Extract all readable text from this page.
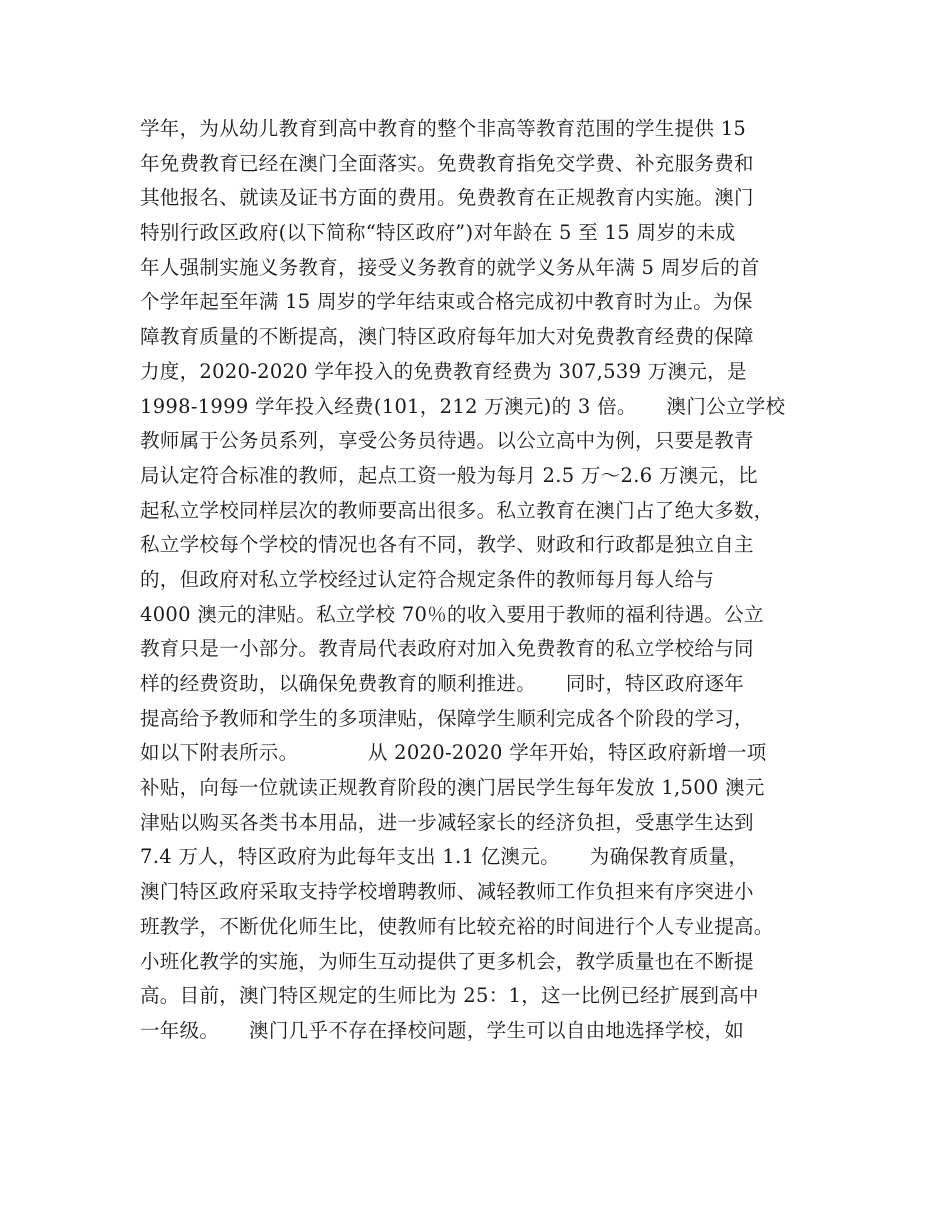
学年，为从幼儿教育到高中教育的整个非高等教育范围的学生提供 15
年免费教育已经在澳门全面落实。免费教育指免交学费、补充服务费和
其他报名、就读及证书方面的费用。免费教育在正规教育内实施。澳门
特别行政区政府(以下简称“特区政府”)对年龄在 5 至 15 周岁的未成
年人强制实施义务教育，接受义务教育的就学义务从年满 5 周岁后的首
个学年起至年满 15 周岁的学年结束或合格完成初中教育时为止。为保
障教育质量的不断提高，澳门特区政府每年加大对免费教育经费的保障
力度，2020-2020 学年投入的免费教育经费为 307,539 万澳元，是
1998-1999 学年投入经费(101，212 万澳元)的 3 倍。　　澳门公立学校
教师属于公务员系列，享受公务员待遇。以公立高中为例，只要是教青
局认定符合标准的教师，起点工资一般为每月 2.5 万～2.6 万澳元，比
起私立学校同样层次的教师要高出很多。私立教育在澳门占了绝大多数，
私立学校每个学校的情况也各有不同，教学、财政和行政都是独立自主
的，但政府对私立学校经过认定符合规定条件的教师每月每人给与
4000 澳元的津贴。私立学校 70％的收入要用于教师的福利待遇。公立
教育只是一小部分。教青局代表政府对加入免费教育的私立学校给与同
样的经费资助，以确保免费教育的顺利推进。　　同时，特区政府逐年
提高给予教师和学生的多项津贴，保障学生顺利完成各个阶段的学习，
如以下附表所示。　　　　从 2020-2020 学年开始，特区政府新增一项
补贴，向每一位就读正规教育阶段的澳门居民学生每年发放 1,500 澳元
津贴以购买各类书本用品，进一步减轻家长的经济负担，受惠学生达到
7.4 万人，特区政府为此每年支出 1.1 亿澳元。　　为确保教育质量，
澳门特区政府采取支持学校增聘教师、减轻教师工作负担来有序突进小
班教学，不断优化师生比，使教师有比较充裕的时间进行个人专业提高。
小班化教学的实施，为师生互动提供了更多机会，教学质量也在不断提
高。目前，澳门特区规定的生师比为 25：1，这一比例已经扩展到高中
一年级。　　澳门几乎不存在择校问题，学生可以自由地选择学校，如
